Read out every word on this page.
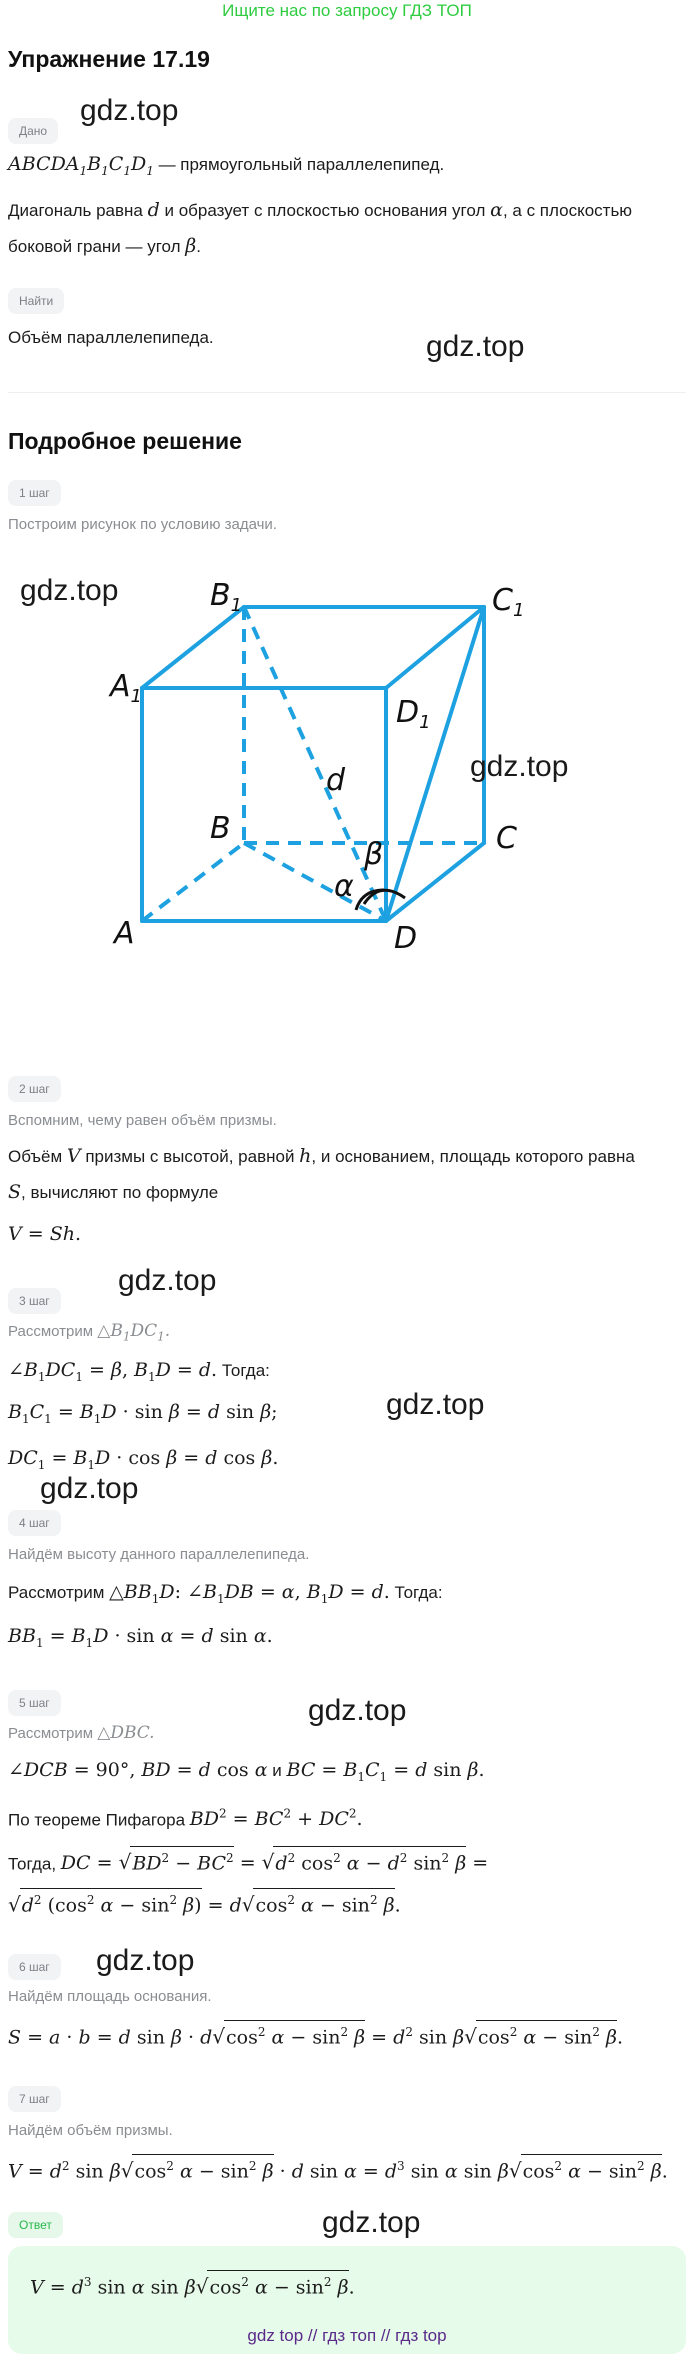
Ищите нас по запросу ГДЗ ТОП
Упражнение 17.19
gdz.top
Дано
$ABCDA_1B_1C_1D_1$ — прямоугольный параллелепипед.
Диагональ равна d и образует с плоскостью основания угол α, а с плоскостью
боковой грани — угол β.
Найти
Объём параллелепипеда.	gdz.top
Подробное решение
1 шаг
Построим рисунок по условию задачи.
gdz.top
$A_1$
$B_1$	$C_1$
$D_1$
A
B	C
D
d
α
β
gdz.top
2 шаг
Вспомним, чему равен объём призмы.
Объём V призмы с высотой, равной h, и основанием, площадь которого равна
S, вычисляют по формуле
V = Sh.
3 шаг
gdz.top
Рассмотрим $\triangle B_1DC_1$.
$\angle B_1DC_1 = \beta$, $B_1D = d$. Тогда:
$B_1C_1 = B_1D \cdot \sin \beta = d$ sin β;	gdz.top
$DC_1 = B_1D \cdot \cos \beta = d$ cos β.
gdz.top
4 шаг
Найдём высоту данного параллелепипеда.
Рассмотрим $\triangle BB_1D$: $\angle B_1DB = \alpha$, $B_1D = d$. Тогда:
$BB_1 = B_1D \cdot \sin \alpha = d$ sin α.
5 шаг	gdz.top
Рассмотрим △DBC.
∠DCB = 90°, BD = d cos α и BC = $B_1C_1 = d$ sin β.
По теореме Пифагора $BD^2 = BC^2 + DC^2$.
Тогда, DC = $√BD^2 - BC^2 = √d^2$ $\cos^2 \alpha - d^2$ $\sin^2 \beta$ =
$√d^2$ ($\cos^2$ $\alpha - \sin^2 \beta) = d√\cos^2$ $\alpha - \sin^2 \beta$.
6 шаг	gdz.top
Найдём площадь основания.
S = a · b = d $\sin \beta \cdot d√\cos^2$ $\alpha - \sin^2 \beta = d^2$ $\sin \beta√\cos^2$ $\alpha - \sin^2 \beta$.
7 шаг
Найдём объём призмы.
$V = d^2$ $\sin \beta√\cos^2$ $\alpha - \sin^2 \beta \cdot d$ $\sin \alpha = d^3$ sin α $\sin \beta√\cos^2$ $\alpha - \sin^2 \beta$.
Ответ	gdz.top
$V = d^3$ sin α $\sin \beta√\cos^2$ $\alpha - \sin^2 \beta$.
gdz top // гдз топ // гдз top
